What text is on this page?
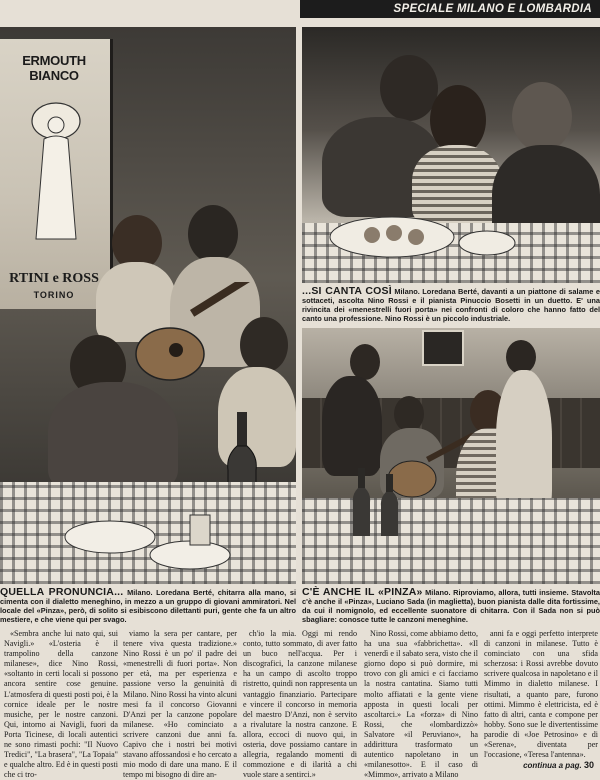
SPECIALE MILANO E LOMBARDIA
ERMOUTH BIANCO
RTINI e ROSS
TORINO	...SI CANTA COSÌ Milano. Loredana Berté, davanti a un piattone di salame e sottaceti, ascolta Nino Rossi e il pianista Pinuccio Bosetti in un duetto. E' una rivincita dei «menestrelli fuori porta» nei confronti di coloro che hanno fatto del canto una professione. Nino Rossi è un piccolo industriale.
QUELLA PRONUNCIA... Milano. Loredana Berté, chitarra alla mano, si cimenta con il dialetto meneghino, in mezzo a un gruppo di giovani ammiratori. Nel locale del «Pinza», però, di solito si esibiscono dilettanti puri, gente che fa un altro mestiere, e che viene qui per svago.
C'È ANCHE IL «PINZA» Milano. Riproviamo, allora, tutti insieme. Stavolta c'è anche il «Pinza», Luciano Sada (in maglietta), buon pianista dalle dita fortissime, da cui il nomignolo, ed eccellente suonatore di chitarra. Con il Sada non si può sbagliare: conosce tutte le canzoni meneghine.

«Sembra anche lui nato qui, sui Navigli.» «L'osteria è il trampolino della canzone milanese», dice Nino Rossi, «soltanto in certi locali si possono ancora sentire cose genuine. L'atmosfera di questi posti poi, è la cornice ideale per le nostre musiche, per le nostre canzoni. Qui, intorno ai Navigli, fuori da Porta Ticinese, di locali autentici ne sono rimasti pochi: "Il Nuovo Tredici", "La brasera", "La Topaia" e qualche altro. Ed è in questi posti che ci tro-

viamo la sera per cantare, per tenere viva questa tradizione.» Nino Rossi è un po' il padre dei «menestrelli di fuori porta». Non per età, ma per esperienza e passione verso la genuinità di Milano. Nino Rossi ha vinto alcuni mesi fa il concorso Giovanni D'Anzi per la canzone popolare milanese. «Ho cominciato a scrivere canzoni due anni fa. Capivo che i nostri bei motivi stavano affossandosi e ho cercato a mio modo di dare una mano. E il tempo mi bisogno di dire an-

ch'io la mia. Oggi mi rendo conto, tutto sommato, di aver fatto un buco nell'acqua. Per i discografici, la canzone milanese ha un campo di ascolto troppo ristretto, quindi non rappresenta un vantaggio finanziario. Partecipare e vincere il concorso in memoria del maestro D'Anzi, non è servito a rivalutare la nostra canzone. E allora, eccoci di nuovo qui, in osteria, dove possiamo cantare in allegria, regalando momenti di commozione e di ilarità a chi vuole stare a sentirci.»

Nino Rossi, come abbiamo detto, ha una sua «fabbrichetta». «Il venerdì e il sabato sera, visto che il giorno dopo si può dormire, mi trovo con gli amici e ci facciamo la nostra cantatina. Siamo tutti molto affiatati e la gente viene apposta in questi locali per ascoltarci.» La «forza» di Nino Rossi, che «lombardizzò» Salvatore «il Peruviano», ha addirittura trasformato un autentico napoletano in un «milanesotto». E il caso di «Mimmo», arrivato a Milano

anni fa e oggi perfetto interprete di canzoni in milanese. Tutto è cominciato con una sfida scherzosa: i Rossi avrebbe dovuto scrivere qualcosa in napoletano e il Mimmo in dialetto milanese. I risultati, a quanto pare, furono ottimi. Mimmo è elettricista, ed è fatto di altri, canta e compone per hobby. Sono sue le divertentissime parodie di «Joe Petrosino» e di «Serena», diventata per l'occasione, «Teresa l'antenna».

continua a pag. 30
